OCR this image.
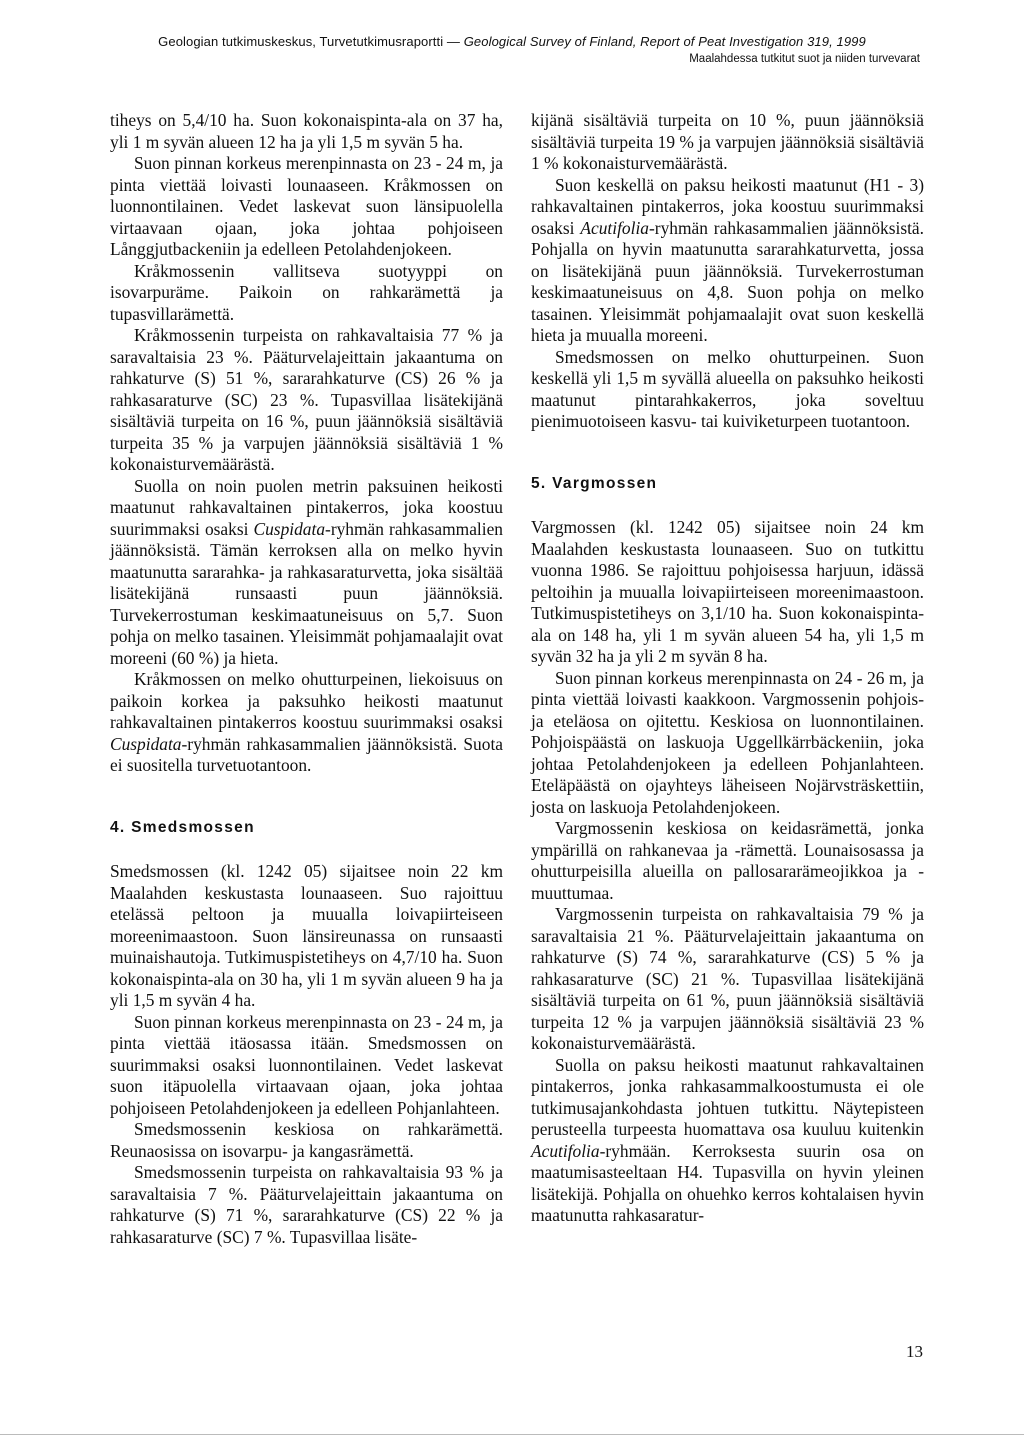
Geologian tutkimuskeskus, Turvetutkimusraportti — Geological Survey of Finland, Report of Peat Investigation 319, 1999
Maalahdessa tutkitut suot ja niiden turvevarat

tiheys on 5,4/10 ha. Suon kokonaispinta-ala on 37 ha, yli 1 m syvän alueen 12 ha ja yli 1,5 m syvän 5 ha.

Suon pinnan korkeus merenpinnasta on 23 - 24 m, ja pinta viettää loivasti lounaaseen. Kråkmossen on luonnontilainen. Vedet laskevat suon länsipuolella virtaavaan ojaan, joka johtaa pohjoiseen Långgjutbackeniin ja edelleen Petolahdenjokeen.

Kråkmossenin vallitseva suotyyppi on isovarpuräme. Paikoin on rahkarämettä ja tupasvillarämettä.

Kråkmossenin turpeista on rahkavaltaisia 77 % ja saravaltaisia 23 %. Pääturvelajeittain jakaantuma on rahkaturve (S) 51 %, sararahkaturve (CS) 26 % ja rahkasaraturve (SC) 23 %. Tupasvillaa lisätekijänä sisältäviä turpeita on 16 %, puun jäännöksiä sisältäviä turpeita 35 % ja varpujen jäännöksiä sisältäviä 1 % kokonaisturvemäärästä.

Suolla on noin puolen metrin paksuinen heikosti maatunut rahkavaltainen pintakerros, joka koostuu suurimmaksi osaksi Cuspidata-ryhmän rahkasammalien jäännöksistä. Tämän kerroksen alla on melko hyvin maatunutta sararahka- ja rahkasaraturvetta, joka sisältää lisätekijänä runsaasti puun jäännöksiä. Turvekerrostuman keskimaatuneisuus on 5,7. Suon pohja on melko tasainen. Yleisimmät pohjamaalajit ovat moreeni (60 %) ja hieta.

Kråkmossen on melko ohutturpeinen, liekoisuus on paikoin korkea ja paksuhko heikosti maatunut rahkavaltainen pintakerros koostuu suurimmaksi osaksi Cuspidata-ryhmän rahkasammalien jäännöksistä. Suota ei suositella turvetuotantoon.

4. Smedsmossen

Smedsmossen (kl. 1242 05) sijaitsee noin 22 km Maalahden keskustasta lounaaseen. Suo rajoittuu etelässä peltoon ja muualla loivapiirteiseen moreenimaastoon. Suon länsireunassa on runsaasti muinaishautoja. Tutkimuspistetiheys on 4,7/10 ha. Suon kokonaispinta-ala on 30 ha, yli 1 m syvän alueen 9 ha ja yli 1,5 m syvän 4 ha.

Suon pinnan korkeus merenpinnasta on 23 - 24 m, ja pinta viettää itäosassa itään. Smedsmossen on suurimmaksi osaksi luonnontilainen. Vedet laskevat suon itäpuolella virtaavaan ojaan, joka johtaa pohjoiseen Petolahdenjokeen ja edelleen Pohjanlahteen.

Smedsmossenin keskiosa on rahkarämettä. Reunaosissa on isovarpu- ja kangasrämettä.

Smedsmossenin turpeista on rahkavaltaisia 93 % ja saravaltaisia 7 %. Pääturvelajeittain jakaantuma on rahkaturve (S) 71 %, sararahkaturve (CS) 22 % ja rahkasaraturve (SC) 7 %. Tupasvillaa lisäte-

kijänä sisältäviä turpeita on 10 %, puun jäännöksiä sisältäviä turpeita 19 % ja varpujen jäännöksiä sisältäviä 1 % kokonaisturvemäärästä.

Suon keskellä on paksu heikosti maatunut (H1 - 3) rahkavaltainen pintakerros, joka koostuu suurimmaksi osaksi Acutifolia-ryhmän rahkasammalien jäännöksistä. Pohjalla on hyvin maatunutta sararahkaturvetta, jossa on lisätekijänä puun jäännöksiä. Turvekerrostuman keskimaatuneisuus on 4,8. Suon pohja on melko tasainen. Yleisimmät pohjamaalajit ovat suon keskellä hieta ja muualla moreeni.

Smedsmossen on melko ohutturpeinen. Suon keskellä yli 1,5 m syvällä alueella on paksuhko heikosti maatunut pintarahkakerros, joka soveltuu pienimuotoiseen kasvu- tai kuiviketurpeen tuotantoon.

5. Vargmossen

Vargmossen (kl. 1242 05) sijaitsee noin 24 km Maalahden keskustasta lounaaseen. Suo on tutkittu vuonna 1986. Se rajoittuu pohjoisessa harjuun, idässä peltoihin ja muualla loivapiirteiseen moreenimaastoon. Tutkimuspistetiheys on 3,1/10 ha. Suon kokonaispinta-ala on 148 ha, yli 1 m syvän alueen 54 ha, yli 1,5 m syvän 32 ha ja yli 2 m syvän 8 ha.

Suon pinnan korkeus merenpinnasta on 24 - 26 m, ja pinta viettää loivasti kaakkoon. Vargmossenin pohjois- ja eteläosa on ojitettu. Keskiosa on luonnontilainen. Pohjoispäästä on laskuoja Uggellkärrbäckeniin, joka johtaa Petolahdenjokeen ja edelleen Pohjanlahteen. Eteläpäästä on ojayhteys läheiseen Nojärvsträskettiin, josta on laskuoja Petolahdenjokeen.

Vargmossenin keskiosa on keidasrämettä, jonka ympärillä on rahkanevaa ja -rämettä. Lounaisosassa ja ohutturpeisilla alueilla on pallosararämeojikkoa ja -muuttumaa.

Vargmossenin turpeista on rahkavaltaisia 79 % ja saravaltaisia 21 %. Pääturvelajeittain jakaantuma on rahkaturve (S) 74 %, sararahkaturve (CS) 5 % ja rahkasaraturve (SC) 21 %. Tupasvillaa lisätekijänä sisältäviä turpeita on 61 %, puun jäännöksiä sisältäviä turpeita 12 % ja varpujen jäännöksiä sisältäviä 23 % kokonaisturvemäärästä.

Suolla on paksu heikosti maatunut rahkavaltainen pintakerros, jonka rahkasammalkoostumusta ei ole tutkimusajankohdasta johtuen tutkittu. Näytepisteen perusteella turpeesta huomattava osa kuuluu kuitenkin Acutifolia-ryhmään. Kerroksesta suurin osa on maatumisasteeltaan H4. Tupasvilla on hyvin yleinen lisätekijä. Pohjalla on ohuehko kerros kohtalaisen hyvin maatunutta rahkasaratur-

13
